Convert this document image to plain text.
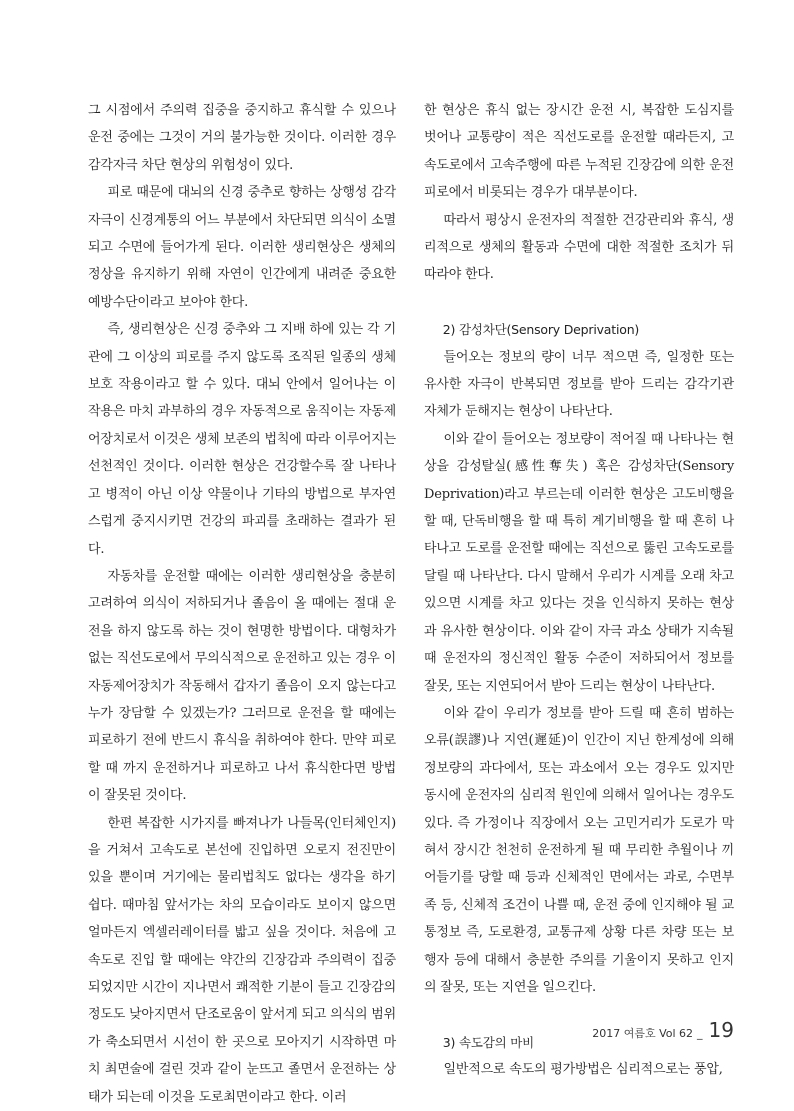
그 시점에서 주의력 집중을 중지하고 휴식할 수 있으나 운전 중에는 그것이 거의 불가능한 것이다. 이러한 경우 감각자극 차단 현상의 위험성이 있다.

피로 때문에 대뇌의 신경 중추로 향하는 상행성 감각 자극이 신경계통의 어느 부분에서 차단되면 의식이 소멸되고 수면에 들어가게 된다. 이러한 생리현상은 생체의 정상을 유지하기 위해 자연이 인간에게 내려준 중요한 예방수단이라고 보아야 한다.

즉, 생리현상은 신경 중추와 그 지배 하에 있는 각 기관에 그 이상의 피로를 주지 않도록 조직된 일종의 생체 보호 작용이라고 할 수 있다. 대뇌 안에서 일어나는 이 작용은 마치 과부하의 경우 자동적으로 움직이는 자동제어장치로서 이것은 생체 보존의 법칙에 따라 이루어지는 선천적인 것이다. 이러한 현상은 건강할수록 잘 나타나고 병적이 아닌 이상 약물이나 기타의 방법으로 부자연스럽게 중지시키면 건강의 파괴를 초래하는 결과가 된다.

자동차를 운전할 때에는 이러한 생리현상을 충분히 고려하여 의식이 저하되거나 졸음이 올 때에는 절대 운전을 하지 않도록 하는 것이 현명한 방법이다. 대형차가 없는 직선도로에서 무의식적으로 운전하고 있는 경우 이 자동제어장치가 작동해서 갑자기 졸음이 오지 않는다고 누가 장담할 수 있겠는가? 그러므로 운전을 할 때에는 피로하기 전에 반드시 휴식을 취하여야 한다. 만약 피로할 때 까지 운전하거나 피로하고 나서 휴식한다면 방법이 잘못된 것이다.

한편 복잡한 시가지를 빠져나가 나들목(인터체인지)을 거쳐서 고속도로 본선에 진입하면 오로지 전진만이 있을 뿐이며 거기에는 물리법칙도 없다는 생각을 하기 쉽다. 때마침 앞서가는 차의 모습이라도 보이지 않으면 얼마든지 엑셀러레이터를 밟고 싶을 것이다. 처음에 고속도로 진입 할 때에는 약간의 긴장감과 주의력이 집중되었지만 시간이 지나면서 쾌적한 기분이 들고 긴장감의 정도도 낮아지면서 단조로움이 앞서게 되고 의식의 범위가 축소되면서 시선이 한 곳으로 모아지기 시작하면 마치 최면술에 걸린 것과 같이 눈뜨고 졸면서 운전하는 상태가 되는데 이것을 도로최면이라고 한다. 이러

한 현상은 휴식 없는 장시간 운전 시, 복잡한 도심지를 벗어나 교통량이 적은 직선도로를 운전할 때라든지, 고속도로에서 고속주행에 따른 누적된 긴장감에 의한 운전피로에서 비롯되는 경우가 대부분이다.

따라서 평상시 운전자의 적절한 건강관리와 휴식, 생리적으로 생체의 활동과 수면에 대한 적절한 조치가 뒤따라야 한다.

2) 감성차단(Sensory Deprivation)

들어오는 정보의 량이 너무 적으면 즉, 일정한 또는 유사한 자극이 반복되면 정보를 받아 드리는 감각기관 자체가 둔해지는 현상이 나타난다.

이와 같이 들어오는 정보량이 적어질 때 나타나는 현상을 감성탈실(感性奪失) 혹은 감성차단(Sensory Deprivation)라고 부르는데 이러한 현상은 고도비행을 할 때, 단독비행을 할 때 특히 계기비행을 할 때 흔히 나타나고 도로를 운전할 때에는 직선으로 뚫린 고속도로를 달릴 때 나타난다. 다시 말해서 우리가 시계를 오래 차고 있으면 시계를 차고 있다는 것을 인식하지 못하는 현상과 유사한 현상이다. 이와 같이 자극 과소 상태가 지속될 때 운전자의 정신적인 활동 수준이 저하되어서 정보를 잘못, 또는 지연되어서 받아 드리는 현상이 나타난다.

이와 같이 우리가 정보를 받아 드릴 때 흔히 범하는 오류(誤謬)나 지연(遲延)이 인간이 지닌 한계성에 의해 정보량의 과다에서, 또는 과소에서 오는 경우도 있지만 동시에 운전자의 심리적 원인에 의해서 일어나는 경우도 있다. 즉 가정이나 직장에서 오는 고민거리가 도로가 막혀서 장시간 천천히 운전하게 될 때 무리한 추월이나 끼어들기를 당할 때 등과 신체적인 면에서는 과로, 수면부족 등, 신체적 조건이 나쁠 때, 운전 중에 인지해야 될 교통정보 즉, 도로환경, 교통규제 상황 다른 차량 또는 보행자 등에 대해서 충분한 주의를 기울이지 못하고 인지의 잘못, 또는 지연을 일으킨다.

3) 속도감의 마비

일반적으로 속도의 평가방법은 심리적으로는 풍압,

2017 여름호 Vol 62 _ 19
